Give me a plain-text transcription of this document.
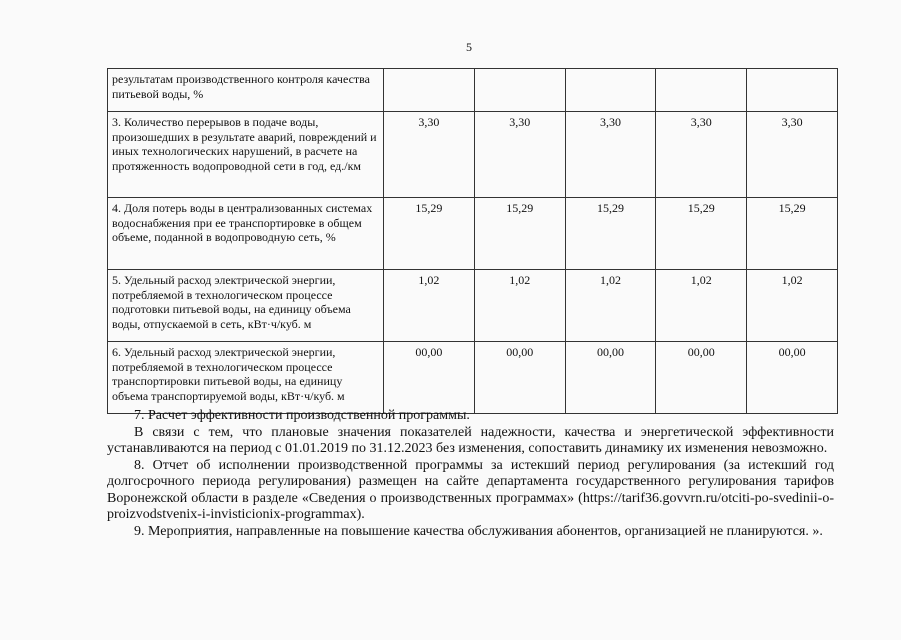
5
результатам производственного контроля качества питьевой воды, %					
3. Количество перерывов в подаче воды, произошедших в результате аварий, повреждений и иных технологических нарушений, в расчете на протяженность водопроводной сети в год, ед./км	3,30	3,30	3,30	3,30	3,30
4. Доля потерь воды в централизованных системах водоснабжения при ее транспортировке в общем объеме, поданной в водопроводную сеть, %	15,29	15,29	15,29	15,29	15,29
5. Удельный расход электрической энергии, потребляемой в технологическом процессе подготовки питьевой воды, на единицу объема воды, отпускаемой в сеть, кВт·ч/куб. м	1,02	1,02	1,02	1,02	1,02
6. Удельный расход электрической энергии, потребляемой в технологическом процессе транспортировки питьевой воды, на единицу объема транспортируемой воды, кВт·ч/куб. м	00,00	00,00	00,00	00,00	00,00

7. Расчет эффективности производственной программы.

В связи с тем, что плановые значения показателей надежности, качества и энергетической эффективности устанавливаются на период с 01.01.2019 по 31.12.2023 без изменения, сопоставить динамику их изменения невозможно.

8. Отчет об исполнении производственной программы за истекший период регулирования (за истекший год долгосрочного периода регулирования) размещен на сайте департамента государственного регулирования тарифов Воронежской области в разделе «Сведения о производственных программах» (https://tarif36.govvrn.ru/otcitі-po-svedinii-o-proizvodstvenix-i-invisticionix-programmax).

9. Мероприятия, направленные на повышение качества обслуживания абонентов, организацией не планируются. ».
